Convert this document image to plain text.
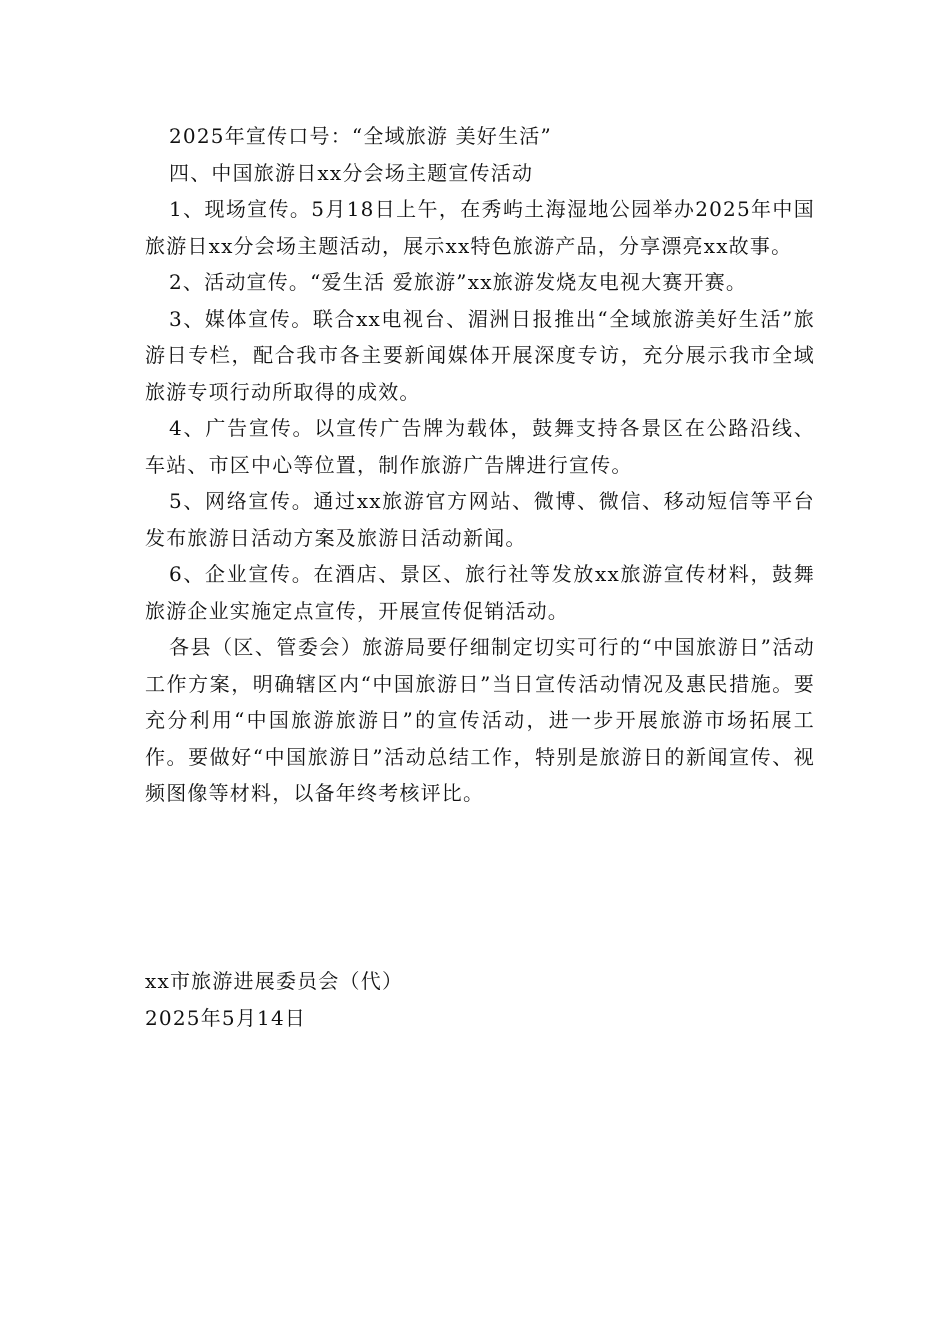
2025年宣传口号：“全域旅游 美好生活”

四、中国旅游日xx分会场主题宣传活动

1、现场宣传。5月18日上午，在秀屿土海湿地公园举办2025年中国旅游日xx分会场主题活动，展示xx特色旅游产品，分享漂亮xx故事。

2、活动宣传。“爱生活 爱旅游”xx旅游发烧友电视大赛开赛。

3、媒体宣传。联合xx电视台、湄洲日报推出“全域旅游美好生活”旅游日专栏，配合我市各主要新闻媒体开展深度专访，充分展示我市全域旅游专项行动所取得的成效。

4、广告宣传。以宣传广告牌为载体，鼓舞支持各景区在公路沿线、车站、市区中心等位置，制作旅游广告牌进行宣传。

5、网络宣传。通过xx旅游官方网站、微博、微信、移动短信等平台发布旅游日活动方案及旅游日活动新闻。

6、企业宣传。在酒店、景区、旅行社等发放xx旅游宣传材料，鼓舞旅游企业实施定点宣传，开展宣传促销活动。

各县（区、管委会）旅游局要仔细制定切实可行的“中国旅游日”活动工作方案，明确辖区内“中国旅游日”当日宣传活动情况及惠民措施。要充分利用“中国旅游旅游日”的宣传活动，进一步开展旅游市场拓展工作。要做好“中国旅游日”活动总结工作，特别是旅游日的新闻宣传、视频图像等材料，以备年终考核评比。

xx市旅游进展委员会（代）

2025年5月14日
